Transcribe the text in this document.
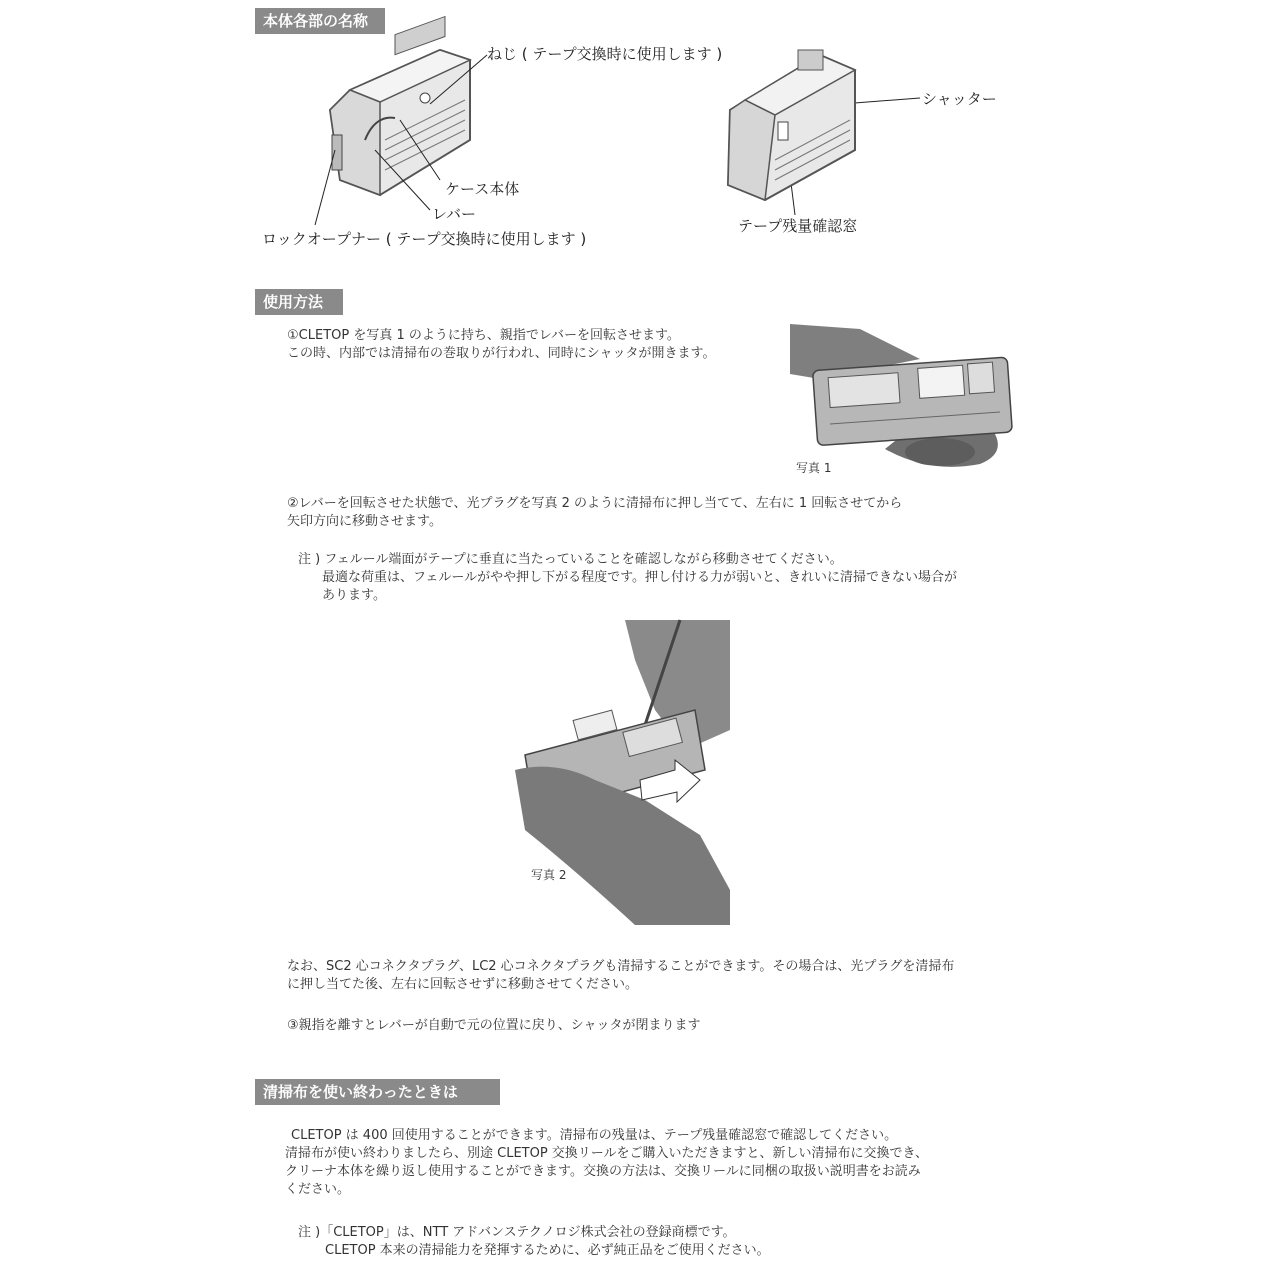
本体各部の名称
ねじ ( テープ交換時に使用します )
ケース本体
レバー
ロックオープナー ( テープ交換時に使用します )
シャッター
テープ残量確認窓
使用方法
①CLETOP を写真 1 のように持ち、親指でレバーを回転させます。
この時、内部では清掃布の巻取りが行われ、同時にシャッタが開きます。
写真 1
②レバーを回転させた状態で、光プラグを写真 2 のように清掃布に押し当てて、左右に 1 回転させてから
矢印方向に移動させます。
注 ) フェルール端面がテープに垂直に当たっていることを確認しながら移動させてください。
最適な荷重は、フェルールがやや押し下がる程度です。押し付ける力が弱いと、きれいに清掃できない場合が
あります。
写真 2
なお、SC2 心コネクタプラグ、LC2 心コネクタプラグも清掃することができます。その場合は、光プラグを清掃布
に押し当てた後、左右に回転させずに移動させてください。
③親指を離すとレバーが自動で元の位置に戻り、シャッタが閉まります
清掃布を使い終わったときは
CLETOP は 400 回使用することができます。清掃布の残量は、テープ残量確認窓で確認してください。
清掃布が使い終わりましたら、別途 CLETOP 交換リールをご購入いただきますと、新しい清掃布に交換でき、
クリーナ本体を繰り返し使用することができます。交換の方法は、交換リールに同梱の取扱い説明書をお読み
ください。
注 )「CLETOP」は、NTT アドバンステクノロジ株式会社の登録商標です。
CLETOP 本来の清掃能力を発揮するために、必ず純正品をご使用ください。
